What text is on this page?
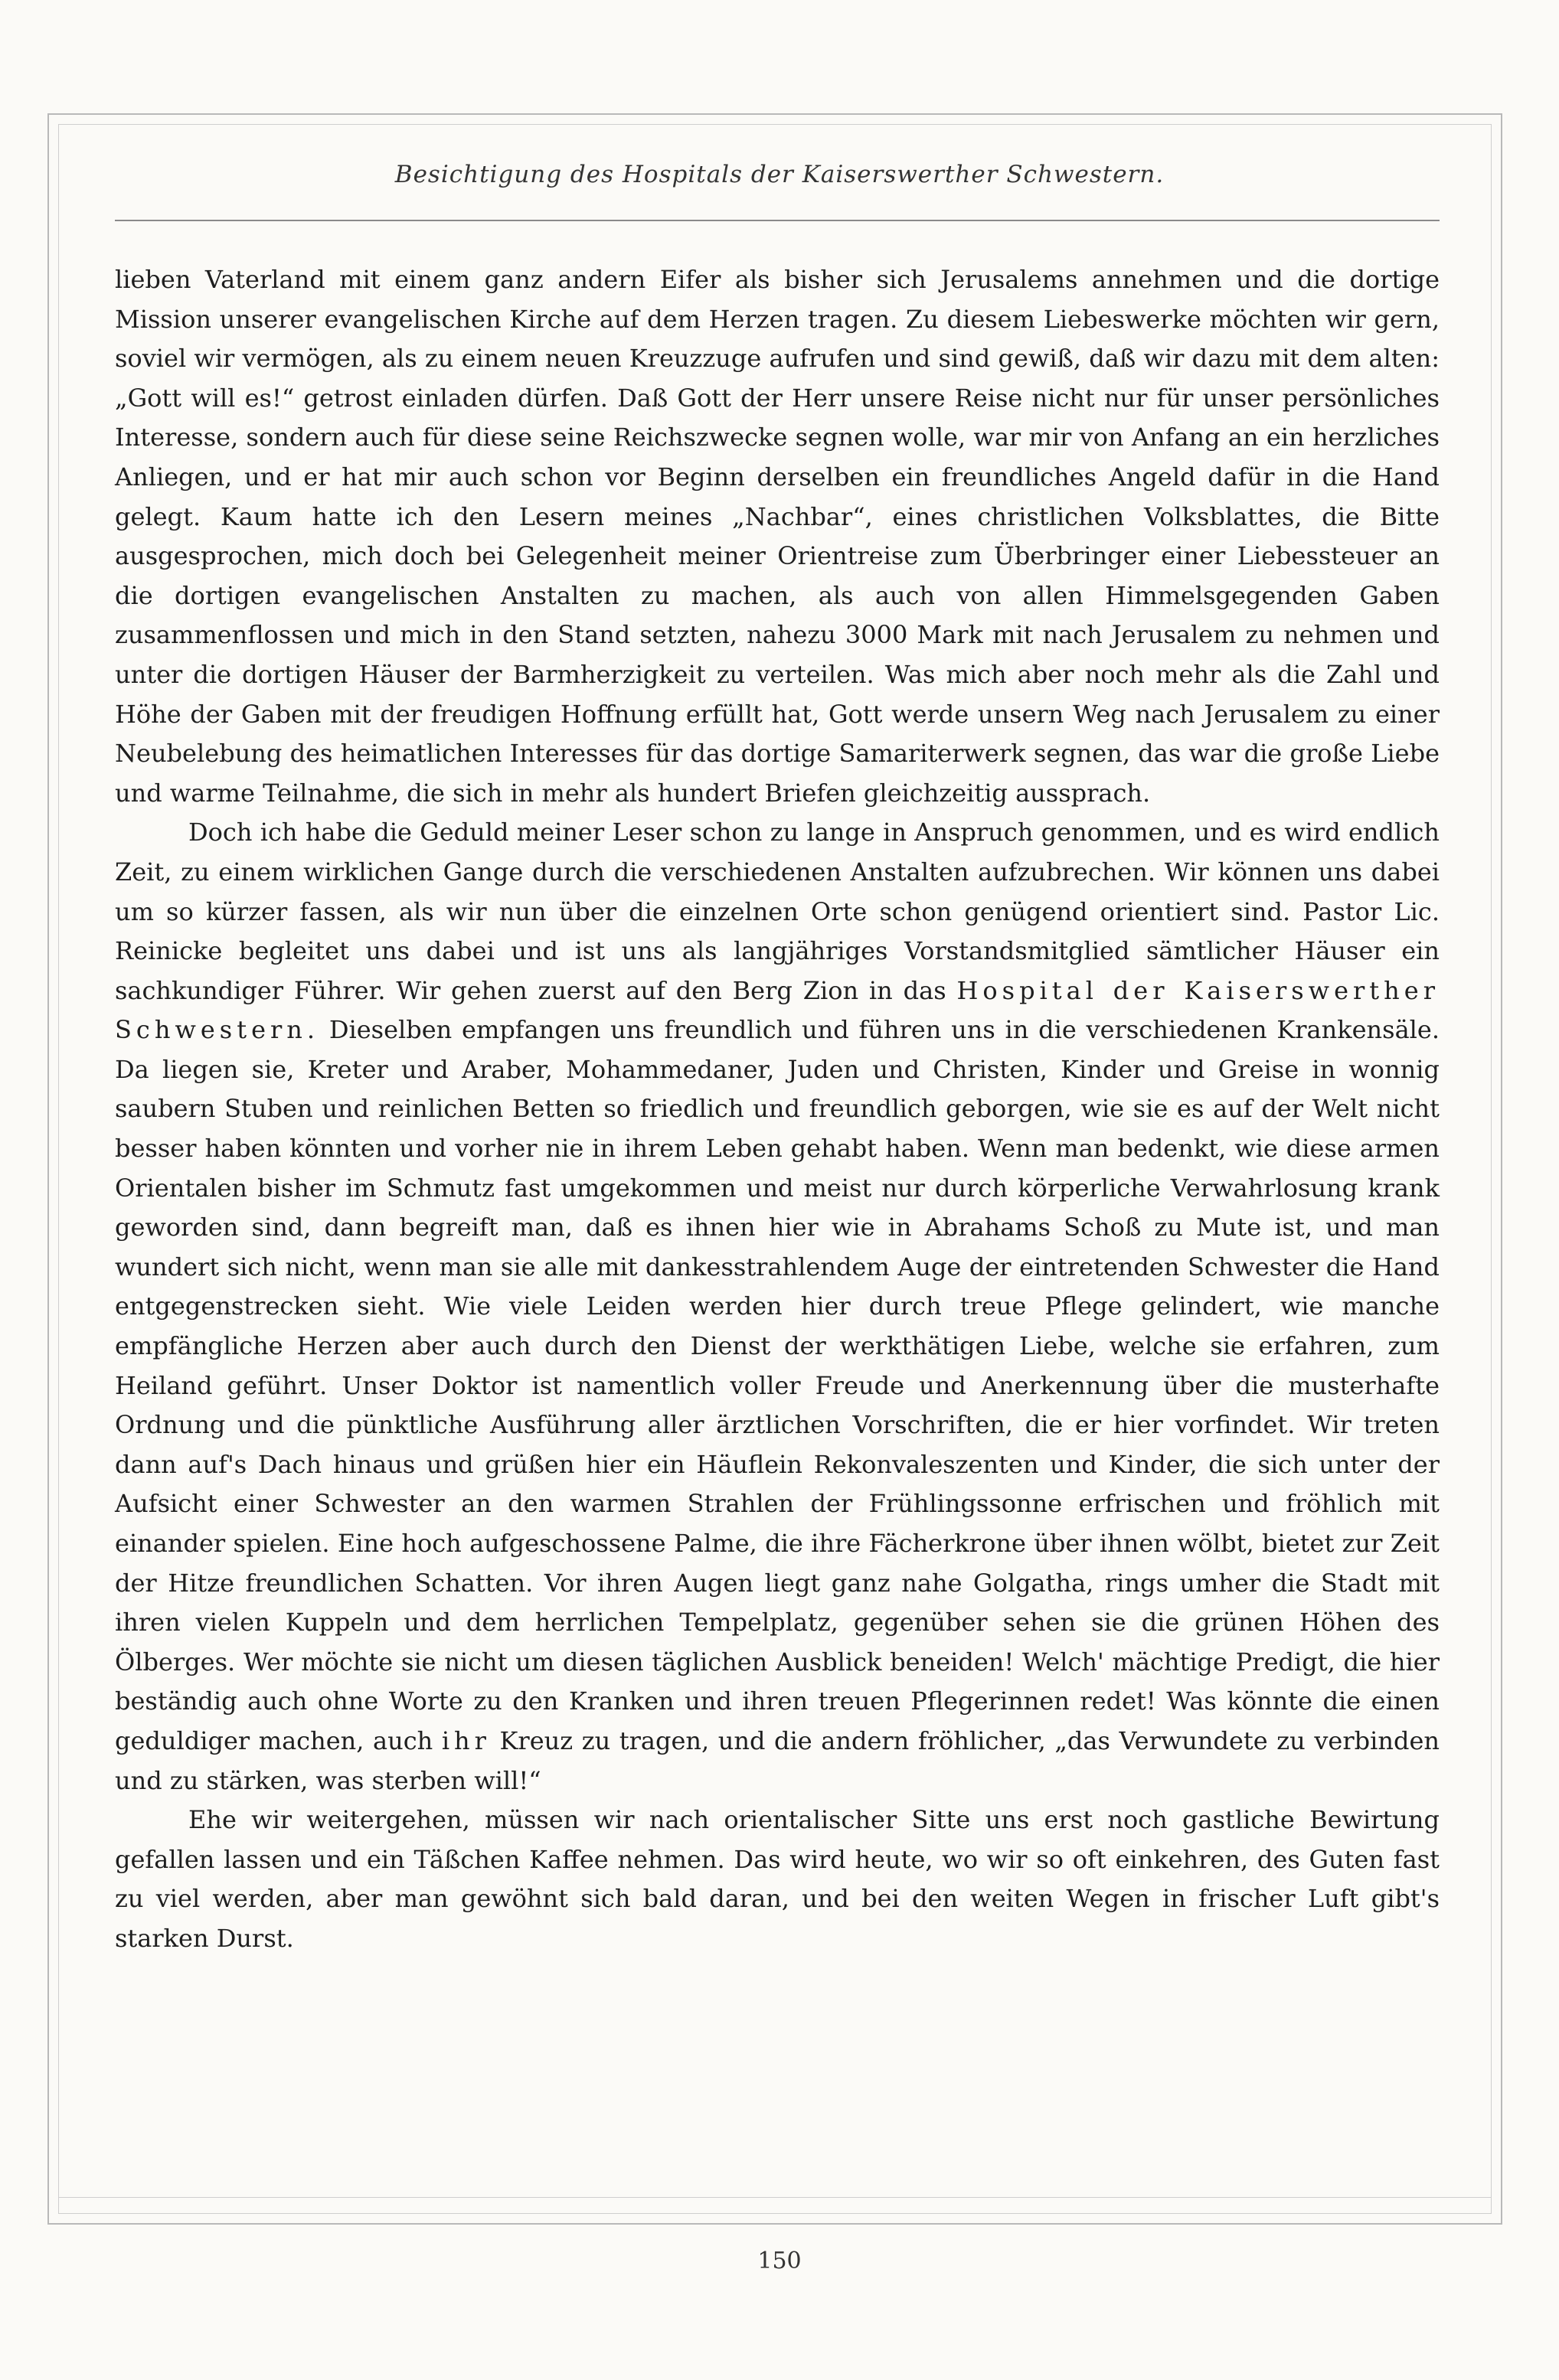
Besichtigung des Hospitals der Kaiserswerther Schwestern.

lieben Vaterland mit einem ganz andern Eifer als bisher sich Jerusalems annehmen und die dortige Mission unserer evangelischen Kirche auf dem Herzen tragen. Zu diesem Liebeswerke möchten wir gern, soviel wir vermögen, als zu einem neuen Kreuzzuge aufrufen und sind gewiß, daß wir dazu mit dem alten: „Gott will es!“ getrost einladen dürfen. Daß Gott der Herr unsere Reise nicht nur für unser persönliches Interesse, sondern auch für diese seine Reichszwecke segnen wolle, war mir von Anfang an ein herzliches Anliegen, und er hat mir auch schon vor Beginn derselben ein freundliches Angeld dafür in die Hand gelegt. Kaum hatte ich den Lesern meines „Nachbar“, eines christlichen Volksblattes, die Bitte ausgesprochen, mich doch bei Gelegenheit meiner Orientreise zum Überbringer einer Liebessteuer an die dortigen evangelischen Anstalten zu machen, als auch von allen Himmelsgegenden Gaben zusammenflossen und mich in den Stand setzten, nahezu 3000 Mark mit nach Jerusalem zu nehmen und unter die dortigen Häuser der Barmherzigkeit zu verteilen. Was mich aber noch mehr als die Zahl und Höhe der Gaben mit der freudigen Hoffnung erfüllt hat, Gott werde unsern Weg nach Jerusalem zu einer Neubelebung des heimatlichen Interesses für das dortige Samariterwerk segnen, das war die große Liebe und warme Teilnahme, die sich in mehr als hundert Briefen gleichzeitig aussprach.

Doch ich habe die Geduld meiner Leser schon zu lange in Anspruch genommen, und es wird endlich Zeit, zu einem wirklichen Gange durch die verschiedenen Anstalten aufzubrechen. Wir können uns dabei um so kürzer fassen, als wir nun über die einzelnen Orte schon genügend orientiert sind. Pastor Lic. Reinicke begleitet uns dabei und ist uns als langjähriges Vorstandsmitglied sämtlicher Häuser ein sachkundiger Führer. Wir gehen zuerst auf den Berg Zion in das Hospital der Kaiserswerther Schwestern. Dieselben empfangen uns freundlich und führen uns in die verschiedenen Krankensäle. Da liegen sie, Kreter und Araber, Mohammedaner, Juden und Christen, Kinder und Greise in wonnig saubern Stuben und reinlichen Betten so friedlich und freundlich geborgen, wie sie es auf der Welt nicht besser haben könnten und vorher nie in ihrem Leben gehabt haben. Wenn man bedenkt, wie diese armen Orientalen bisher im Schmutz fast umgekommen und meist nur durch körperliche Verwahrlosung krank geworden sind, dann begreift man, daß es ihnen hier wie in Abrahams Schoß zu Mute ist, und man wundert sich nicht, wenn man sie alle mit dankesstrahlendem Auge der eintretenden Schwester die Hand entgegenstrecken sieht. Wie viele Leiden werden hier durch treue Pflege gelindert, wie manche empfängliche Herzen aber auch durch den Dienst der werkthätigen Liebe, welche sie erfahren, zum Heiland geführt. Unser Doktor ist namentlich voller Freude und Anerkennung über die musterhafte Ordnung und die pünktliche Ausführung aller ärztlichen Vorschriften, die er hier vorfindet. Wir treten dann auf's Dach hinaus und grüßen hier ein Häuflein Rekonvaleszenten und Kinder, die sich unter der Aufsicht einer Schwester an den warmen Strahlen der Frühlingssonne erfrischen und fröhlich mit einander spielen. Eine hoch aufgeschossene Palme, die ihre Fächerkrone über ihnen wölbt, bietet zur Zeit der Hitze freundlichen Schatten. Vor ihren Augen liegt ganz nahe Golgatha, rings umher die Stadt mit ihren vielen Kuppeln und dem herrlichen Tempelplatz, gegenüber sehen sie die grünen Höhen des Ölberges. Wer möchte sie nicht um diesen täglichen Ausblick beneiden! Welch' mächtige Predigt, die hier beständig auch ohne Worte zu den Kranken und ihren treuen Pflegerinnen redet! Was könnte die einen geduldiger machen, auch ihr Kreuz zu tragen, und die andern fröhlicher, „das Verwundete zu verbinden und zu stärken, was sterben will!“

Ehe wir weitergehen, müssen wir nach orientalischer Sitte uns erst noch gastliche Bewirtung gefallen lassen und ein Täßchen Kaffee nehmen. Das wird heute, wo wir so oft einkehren, des Guten fast zu viel werden, aber man gewöhnt sich bald daran, und bei den weiten Wegen in frischer Luft gibt's starken Durst.

150
